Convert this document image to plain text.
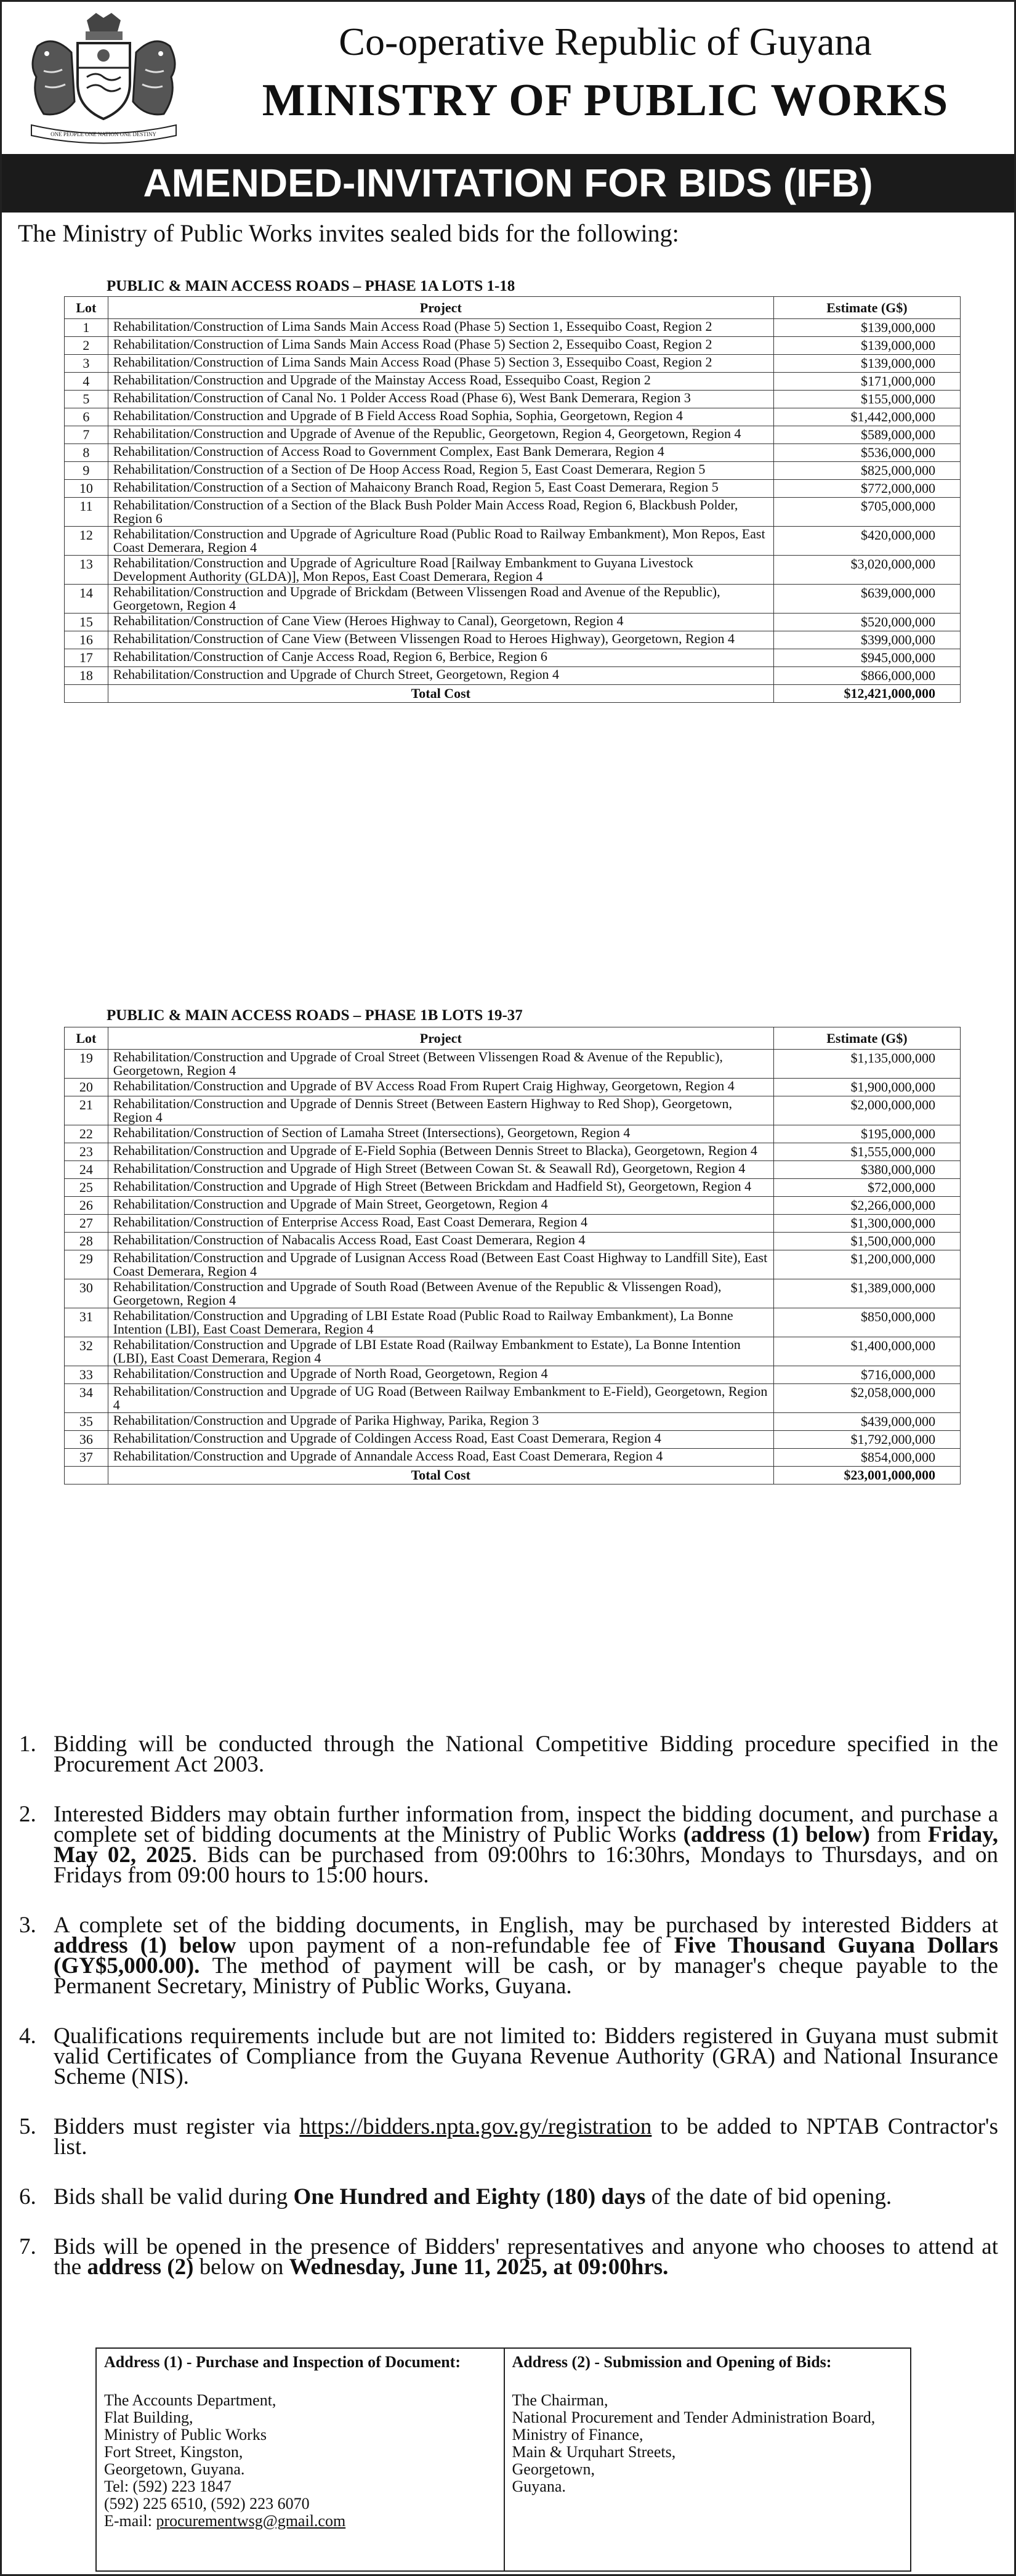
ONE PEOPLE ONE NATION ONE DESTINY
Co-operative Republic of Guyana
MINISTRY OF PUBLIC WORKS
AMENDED-INVITATION FOR BIDS (IFB)
The Ministry of Public Works invites sealed bids for the following:
PUBLIC & MAIN ACCESS ROADS – PHASE 1A LOTS 1-18
Lot	Project	Estimate (G$)
1	Rehabilitation/Construction of Lima Sands Main Access Road (Phase 5) Section 1, Essequibo Coast, Region 2	$139,000,000
2	Rehabilitation/Construction of Lima Sands Main Access Road (Phase 5) Section 2, Essequibo Coast, Region 2	$139,000,000
3	Rehabilitation/Construction of Lima Sands Main Access Road (Phase 5) Section 3, Essequibo Coast, Region 2	$139,000,000
4	Rehabilitation/Construction and Upgrade of the Mainstay Access Road, Essequibo Coast, Region 2	$171,000,000
5	Rehabilitation/Construction of Canal No. 1 Polder Access Road (Phase 6), West Bank Demerara, Region 3	$155,000,000
6	Rehabilitation/Construction and Upgrade of B Field Access Road Sophia, Sophia, Georgetown, Region 4	$1,442,000,000
7	Rehabilitation/Construction and Upgrade of Avenue of the Republic, Georgetown, Region 4, Georgetown, Region 4	$589,000,000
8	Rehabilitation/Construction of Access Road to Government Complex, East Bank Demerara, Region 4	$536,000,000
9	Rehabilitation/Construction of a Section of De Hoop Access Road, Region 5, East Coast Demerara, Region 5	$825,000,000
10	Rehabilitation/Construction of a Section of Mahaicony Branch Road, Region 5, East Coast Demerara, Region 5	$772,000,000
11	Rehabilitation/Construction of a Section of the Black Bush Polder Main Access Road, Region 6, Blackbush Polder, Region 6	$705,000,000
12	Rehabilitation/Construction and Upgrade of Agriculture Road (Public Road to Railway Embankment), Mon Repos, East Coast Demerara, Region 4	$420,000,000
13	Rehabilitation/Construction and Upgrade of Agriculture Road [Railway Embankment to Guyana Livestock Development Authority (GLDA)], Mon Repos, East Coast Demerara, Region 4	$3,020,000,000
14	Rehabilitation/Construction and Upgrade of Brickdam (Between Vlissengen Road and Avenue of the Republic), Georgetown, Region 4	$639,000,000
15	Rehabilitation/Construction of Cane View (Heroes Highway to Canal), Georgetown, Region 4	$520,000,000
16	Rehabilitation/Construction of Cane View (Between Vlissengen Road to Heroes Highway), Georgetown, Region 4	$399,000,000
17	Rehabilitation/Construction of Canje Access Road, Region 6, Berbice, Region 6	$945,000,000
18	Rehabilitation/Construction and Upgrade of Church Street, Georgetown, Region 4	$866,000,000
	Total Cost	$12,421,000,000
PUBLIC & MAIN ACCESS ROADS – PHASE 1B LOTS 19-37
Lot	Project	Estimate (G$)
19	Rehabilitation/Construction and Upgrade of Croal Street (Between Vlissengen Road & Avenue of the Republic), Georgetown, Region 4	$1,135,000,000
20	Rehabilitation/Construction and Upgrade of BV Access Road From Rupert Craig Highway, Georgetown, Region 4	$1,900,000,000
21	Rehabilitation/Construction and Upgrade of Dennis Street (Between Eastern Highway to Red Shop), Georgetown, Region 4	$2,000,000,000
22	Rehabilitation/Construction of Section of Lamaha Street (Intersections), Georgetown, Region 4	$195,000,000
23	Rehabilitation/Construction and Upgrade of E-Field Sophia (Between Dennis Street to Blacka), Georgetown, Region 4	$1,555,000,000
24	Rehabilitation/Construction and Upgrade of High Street (Between Cowan St. & Seawall Rd), Georgetown, Region 4	$380,000,000
25	Rehabilitation/Construction and Upgrade of High Street (Between Brickdam and Hadfield St), Georgetown, Region 4	$72,000,000
26	Rehabilitation/Construction and Upgrade of Main Street, Georgetown, Region 4	$2,266,000,000
27	Rehabilitation/Construction of Enterprise Access Road, East Coast Demerara, Region 4	$1,300,000,000
28	Rehabilitation/Construction of Nabacalis Access Road, East Coast Demerara, Region 4	$1,500,000,000
29	Rehabilitation/Construction and Upgrade of Lusignan Access Road (Between East Coast Highway to Landfill Site), East Coast Demerara, Region 4	$1,200,000,000
30	Rehabilitation/Construction and Upgrade of South Road (Between Avenue of the Republic & Vlissengen Road), Georgetown, Region 4	$1,389,000,000
31	Rehabilitation/Construction and Upgrading of LBI Estate Road (Public Road to Railway Embankment), La Bonne Intention (LBI), East Coast Demerara, Region 4	$850,000,000
32	Rehabilitation/Construction and Upgrade of LBI Estate Road (Railway Embankment to Estate), La Bonne Intention (LBI), East Coast Demerara, Region 4	$1,400,000,000
33	Rehabilitation/Construction and Upgrade of North Road, Georgetown, Region 4	$716,000,000
34	Rehabilitation/Construction and Upgrade of UG Road (Between Railway Embankment to E-Field), Georgetown, Region 4	$2,058,000,000
35	Rehabilitation/Construction and Upgrade of Parika Highway, Parika, Region 3	$439,000,000
36	Rehabilitation/Construction and Upgrade of Coldingen Access Road, East Coast Demerara, Region 4	$1,792,000,000
37	Rehabilitation/Construction and Upgrade of Annandale Access Road, East Coast Demerara, Region 4	$854,000,000
	Total Cost	$23,001,000,000
1. Bidding will be conducted through the National Competitive Bidding procedure specified in the Procurement Act 2003.
2. Interested Bidders may obtain further information from, inspect the bidding document, and purchase a complete set of bidding documents at the Ministry of Public Works (address (1) below) from Friday, May 02, 2025. Bids can be purchased from 09:00hrs to 16:30hrs, Mondays to Thursdays, and on Fridays from 09:00 hours to 15:00 hours.
3. A complete set of the bidding documents, in English, may be purchased by interested Bidders at address (1) below upon payment of a non-refundable fee of Five Thousand Guyana Dollars (GY$5,000.00). The method of payment will be cash, or by manager's cheque payable to the Permanent Secretary, Ministry of Public Works, Guyana.
4. Qualifications requirements include but are not limited to: Bidders registered in Guyana must submit valid Certificates of Compliance from the Guyana Revenue Authority (GRA) and National Insurance Scheme (NIS).
5. Bidders must register via https://bidders.npta.gov.gy/registration to be added to NPTAB Contractor's list.
6. Bids shall be valid during One Hundred and Eighty (180) days of the date of bid opening.
7. Bids will be opened in the presence of Bidders' representatives and anyone who chooses to attend at the address (2) below on Wednesday, June 11, 2025, at 09:00hrs.
Address (1) - Purchase and Inspection of Document:
The Accounts Department,
Flat Building,
Ministry of Public Works
Fort Street, Kingston,
Georgetown, Guyana.
Tel: (592) 223 1847
(592) 225 6510, (592) 223 6070
E-mail: procurementwsg@gmail.com
Address (2) - Submission and Opening of Bids:
The Chairman,
National Procurement and Tender Administration Board,
Ministry of Finance,
Main & Urquhart Streets,
Georgetown,
Guyana.
